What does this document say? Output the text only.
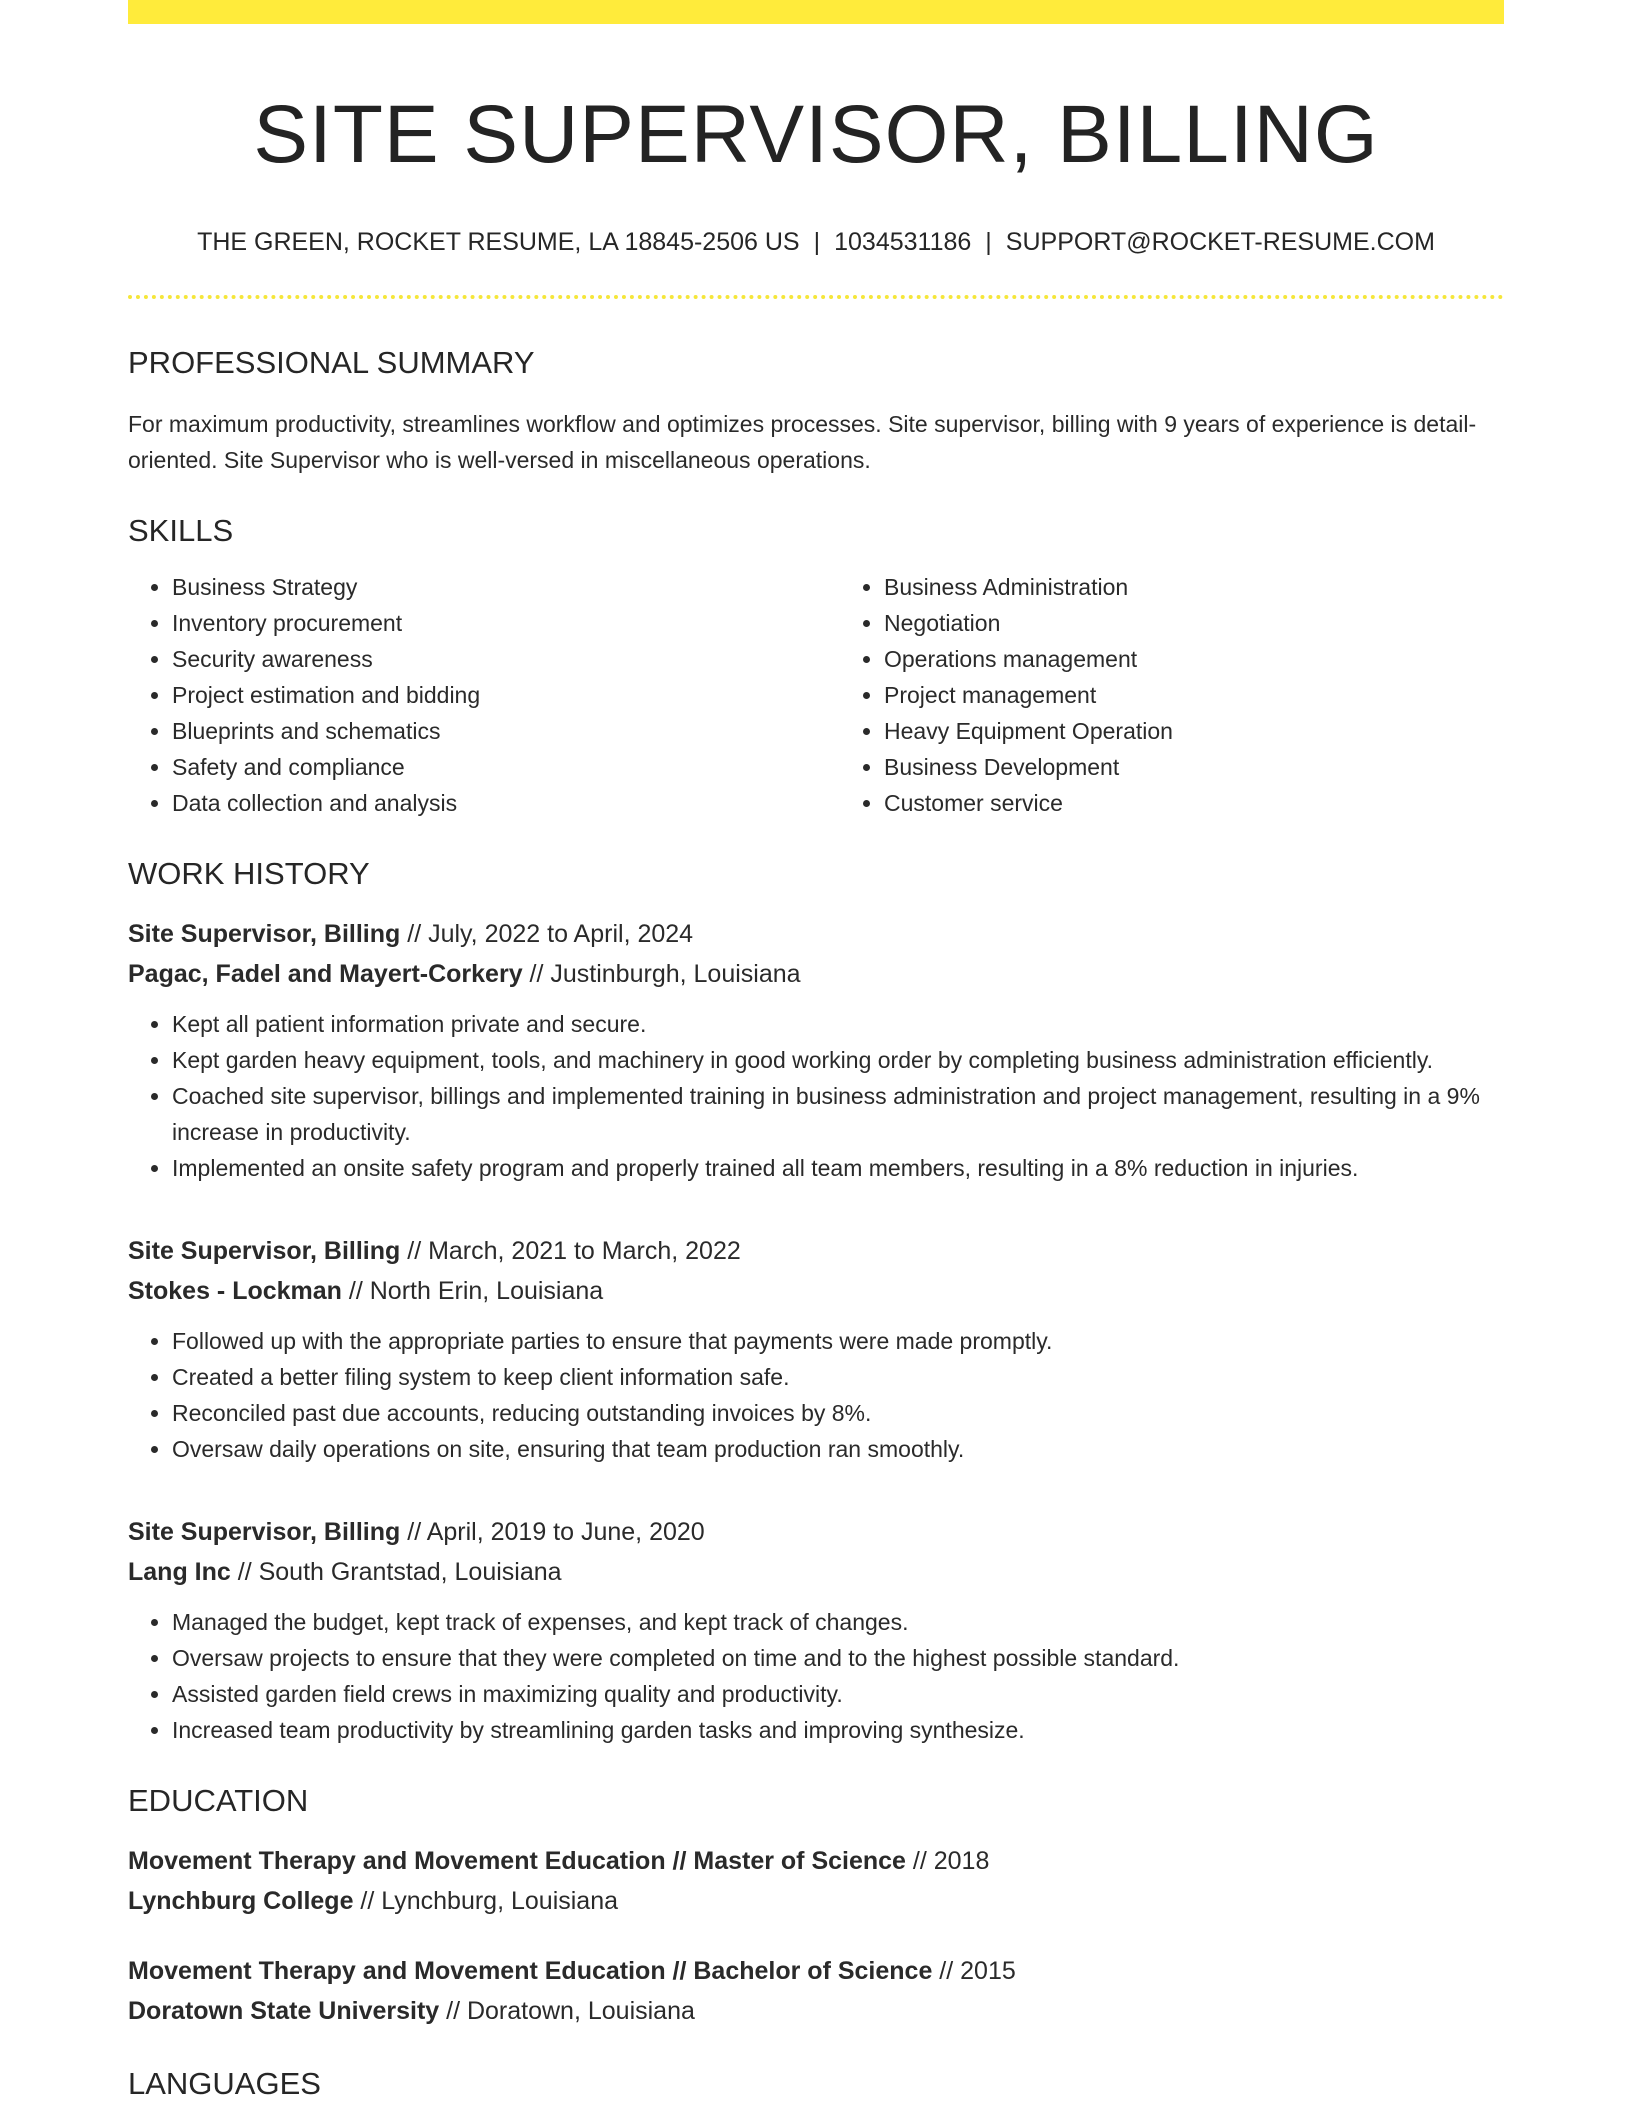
SITE SUPERVISOR, BILLING
THE GREEN, ROCKET RESUME, LA 18845-2506 US | 1034531186 | SUPPORT@ROCKET-RESUME.COM
PROFESSIONAL SUMMARY

For maximum productivity, streamlines workflow and optimizes processes. Site supervisor, billing with 9 years of experience is detail-oriented. Site Supervisor who is well-versed in miscellaneous operations.

SKILLS
• Business Strategy
• Inventory procurement
• Security awareness
• Project estimation and bidding
• Blueprints and schematics
• Safety and compliance
• Data collection and analysis
• Business Administration
• Negotiation
• Operations management
• Project management
• Heavy Equipment Operation
• Business Development
• Customer service
WORK HISTORY
Site Supervisor, Billing // July, 2022 to April, 2024
Pagac, Fadel and Mayert-Corkery // Justinburgh, Louisiana
• Kept all patient information private and secure.
• Kept garden heavy equipment, tools, and machinery in good working order by completing business administration efficiently.
• Coached site supervisor, billings and implemented training in business administration and project management, resulting in a 9% increase in productivity.
• Implemented an onsite safety program and properly trained all team members, resulting in a 8% reduction in injuries.
Site Supervisor, Billing // March, 2021 to March, 2022
Stokes - Lockman // North Erin, Louisiana
• Followed up with the appropriate parties to ensure that payments were made promptly.
• Created a better filing system to keep client information safe.
• Reconciled past due accounts, reducing outstanding invoices by 8%.
• Oversaw daily operations on site, ensuring that team production ran smoothly.
Site Supervisor, Billing // April, 2019 to June, 2020
Lang Inc // South Grantstad, Louisiana
• Managed the budget, kept track of expenses, and kept track of changes.
• Oversaw projects to ensure that they were completed on time and to the highest possible standard.
• Assisted garden field crews in maximizing quality and productivity.
• Increased team productivity by streamlining garden tasks and improving synthesize.
EDUCATION
Movement Therapy and Movement Education // Master of Science // 2018
Lynchburg College // Lynchburg, Louisiana
Movement Therapy and Movement Education // Bachelor of Science // 2015
Doratown State University // Doratown, Louisiana
LANGUAGES
